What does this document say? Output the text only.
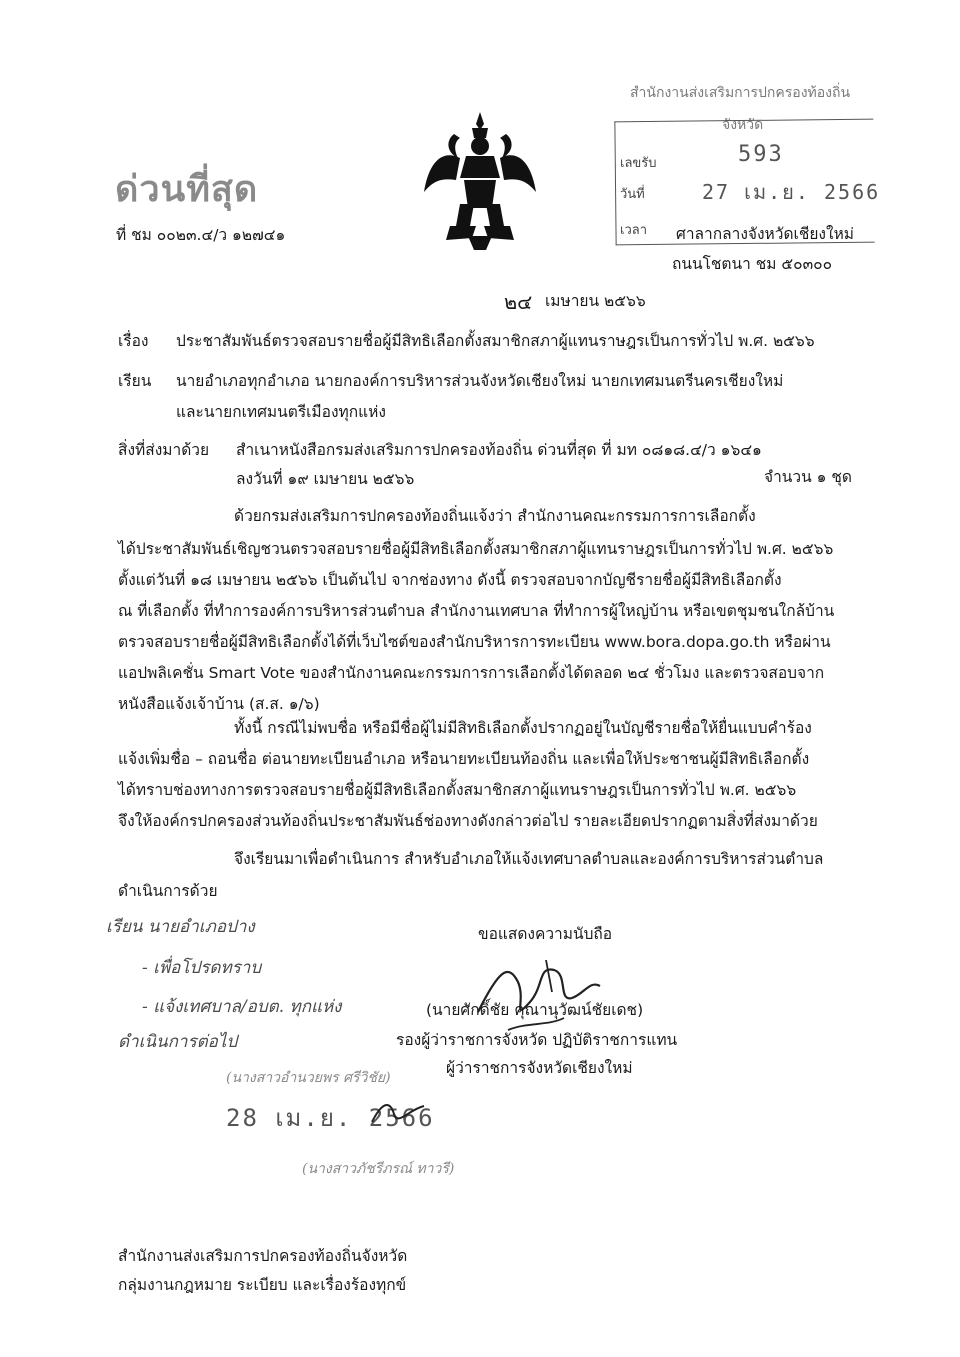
สำนักงานส่งเสริมการปกครองท้องถิ่น
จังหวัด
เลขรับ	593
วันที่	27 เม.ย. 2566
เวลา
ด่วนที่สุด
ที่ ชม ๐๐๒๓.๔/ว ๑๒๗๔๑	ศาลากลางจังหวัดเชียงใหม่
ถนนโชตนา ชม ๕๐๓๐๐
๒๔ เมษายน ๒๕๖๖
เรื่อง ประชาสัมพันธ์ตรวจสอบรายชื่อผู้มีสิทธิเลือกตั้งสมาชิกสภาผู้แทนราษฎรเป็นการทั่วไป พ.ศ. ๒๕๖๖
เรียน นายอำเภอทุกอำเภอ นายกองค์การบริหารส่วนจังหวัดเชียงใหม่ นายกเทศมนตรีนครเชียงใหม่
และนายกเทศมนตรีเมืองทุกแห่ง
สิ่งที่ส่งมาด้วย สำเนาหนังสือกรมส่งเสริมการปกครองท้องถิ่น ด่วนที่สุด ที่ มท ๐๘๑๘.๔/ว ๑๖๔๑
ลงวันที่ ๑๙ เมษายน ๒๕๖๖	จำนวน ๑ ชุด
ด้วยกรมส่งเสริมการปกครองท้องถิ่นแจ้งว่า สำนักงานคณะกรรมการการเลือกตั้ง
ได้ประชาสัมพันธ์เชิญชวนตรวจสอบรายชื่อผู้มีสิทธิเลือกตั้งสมาชิกสภาผู้แทนราษฎรเป็นการทั่วไป พ.ศ. ๒๕๖๖
ตั้งแต่วันที่ ๑๘ เมษายน ๒๕๖๖ เป็นต้นไป จากช่องทาง ดังนี้ ตรวจสอบจากบัญชีรายชื่อผู้มีสิทธิเลือกตั้ง
ณ ที่เลือกตั้ง ที่ทำการองค์การบริหารส่วนตำบล สำนักงานเทศบาล ที่ทำการผู้ใหญ่บ้าน หรือเขตชุมชนใกล้บ้าน
ตรวจสอบรายชื่อผู้มีสิทธิเลือกตั้งได้ที่เว็บไซต์ของสำนักบริหารการทะเบียน www.bora.dopa.go.th หรือผ่าน
แอปพลิเคชั่น Smart Vote ของสำนักงานคณะกรรมการการเลือกตั้งได้ตลอด ๒๔ ชั่วโมง และตรวจสอบจาก
หนังสือแจ้งเจ้าบ้าน (ส.ส. ๑/๖)
ทั้งนี้ กรณีไม่พบชื่อ หรือมีชื่อผู้ไม่มีสิทธิเลือกตั้งปรากฏอยู่ในบัญชีรายชื่อให้ยื่นแบบคำร้อง
แจ้งเพิ่มชื่อ – ถอนชื่อ ต่อนายทะเบียนอำเภอ หรือนายทะเบียนท้องถิ่น และเพื่อให้ประชาชนผู้มีสิทธิเลือกตั้ง
ได้ทราบช่องทางการตรวจสอบรายชื่อผู้มีสิทธิเลือกตั้งสมาชิกสภาผู้แทนราษฎรเป็นการทั่วไป พ.ศ. ๒๕๖๖
จึงให้องค์กรปกครองส่วนท้องถิ่นประชาสัมพันธ์ช่องทางดังกล่าวต่อไป รายละเอียดปรากฏตามสิ่งที่ส่งมาด้วย
จึงเรียนมาเพื่อดำเนินการ สำหรับอำเภอให้แจ้งเทศบาลตำบลและองค์การบริหารส่วนตำบล
ดำเนินการด้วย
ขอแสดงความนับถือ
(นายศักดิ์ชัย คุณานุวัฒน์ชัยเดช)
รองผู้ว่าราชการจังหวัด ปฏิบัติราชการแทน
ผู้ว่าราชการจังหวัดเชียงใหม่
เรียน นายอำเภอปาง
- เพื่อโปรดทราบ
- แจ้งเทศบาล/อบต. ทุกแห่ง
ดำเนินการต่อไป
(นางสาวอำนวยพร ศรีวิชัย)
28 เม.ย. 2566
(นางสาวภัชรีภรณ์ ทาวรี)
สำนักงานส่งเสริมการปกครองท้องถิ่นจังหวัด
กลุ่มงานกฎหมาย ระเบียบ และเรื่องร้องทุกข์
